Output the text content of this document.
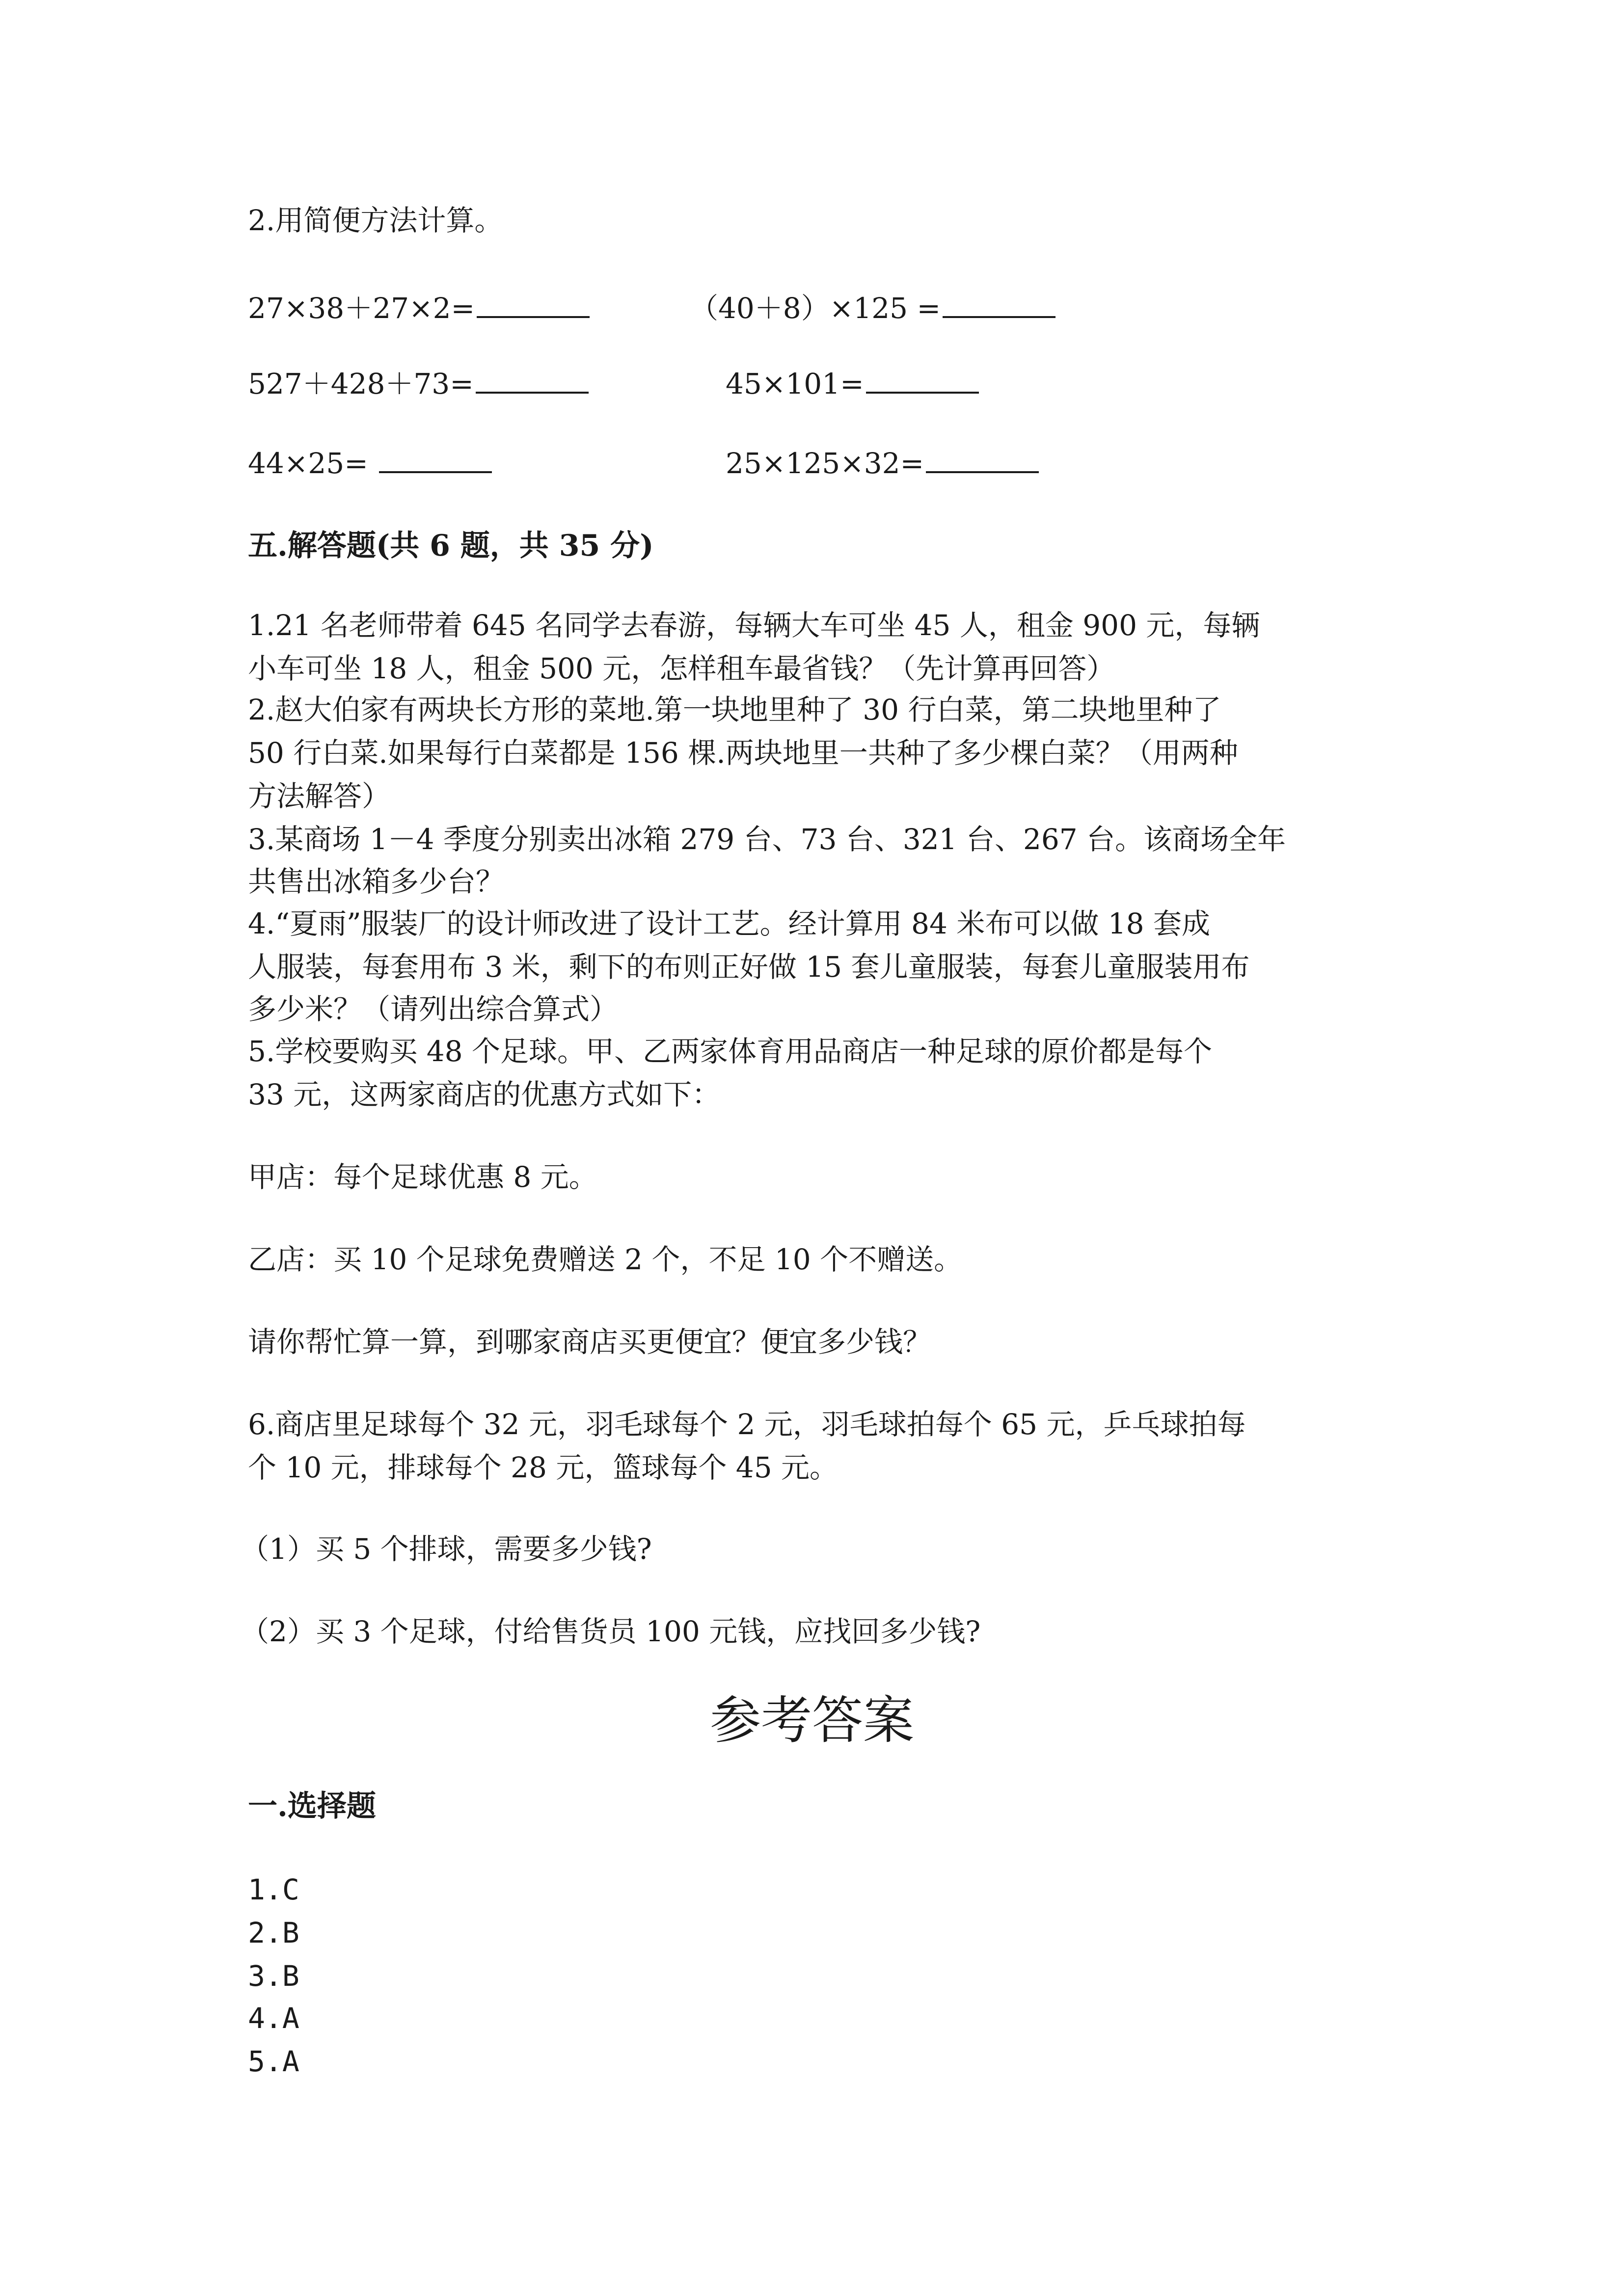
2.用简便方法计算。

27×38＋27×2=	（40＋8）×125 =
527＋428＋73=	45×101=
44×25=	25×125×32=

五.解答题(共 6 题，共 35 分)

1.21 名老师带着 645 名同学去春游，每辆大车可坐 45 人，租金 900 元，每辆

小车可坐 18 人，租金 500 元，怎样租车最省钱？（先计算再回答）

2.赵大伯家有两块长方形的菜地.第一块地里种了 30 行白菜，第二块地里种了

50 行白菜.如果每行白菜都是 156 棵.两块地里一共种了多少棵白菜？（用两种

方法解答）

3.某商场 1－4 季度分别卖出冰箱 279 台、73 台、321 台、267 台。该商场全年

共售出冰箱多少台？

4.“夏雨”服装厂的设计师改进了设计工艺。经计算用 84 米布可以做 18 套成

人服装，每套用布 3 米，剩下的布则正好做 15 套儿童服装，每套儿童服装用布

多少米？（请列出综合算式）

5.学校要购买 48 个足球。甲、乙两家体育用品商店一种足球的原价都是每个

33 元，这两家商店的优惠方式如下：

甲店：每个足球优惠 8 元。

乙店：买 10 个足球免费赠送 2 个，不足 10 个不赠送。

请你帮忙算一算，到哪家商店买更便宜？便宜多少钱？

6.商店里足球每个 32 元，羽毛球每个 2 元，羽毛球拍每个 65 元，乒乓球拍每

个 10 元，排球每个 28 元，篮球每个 45 元。

（1）买 5 个排球，需要多少钱?

（2）买 3 个足球，付给售货员 100 元钱，应找回多少钱?

参考答案

一.选择题

1.C

2.B

3.B

4.A

5.A
